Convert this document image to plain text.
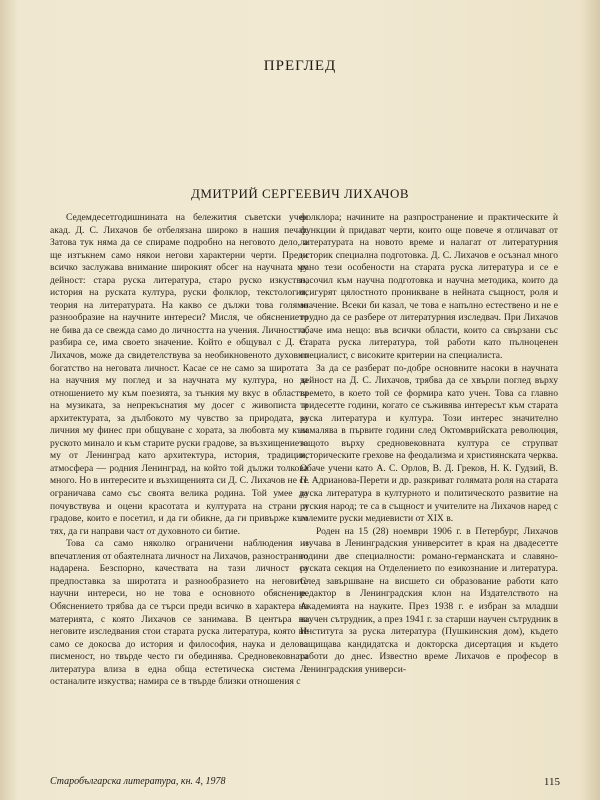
ПРЕГЛЕД
ДМИТРИЙ СЕРГЕЕВИЧ ЛИХАЧОВ

Седемдесетгодишнината на бележития съветски учен акад. Д. С. Лихачов бе отбелязана широко в нашия печат. Затова тук няма да се спираме подробно на неговото дело, а ще изтъкнем само някои негови характерни черти. Преди всичко заслужава внимание широкият обсег на научната му дейност: стара руска литература, старо руско изкуство, история на руската култура, руски фолклор, текстология, теория на литературата. На какво се дължи това голямо разнообразие на научните интереси? Мисля, че обяснението не бива да се свежда само до личността на учения. Личността, разбира се, има своето значение. Който е общувал с Д. С. Лихачов, може да свидетелствува за необикновеното духовно богатство на неговата личност. Касае се не само за широтата на научния му поглед и за научната му култура, но за отношението му към поезията, за тънкия му вкус в областта на музиката, за непрекъснатия му досег с живописта и архитектурата, за дълбокото му чувство за природата, за личния му финес при общуване с хората, за любовта му към руското минало и към старите руски градове, за възхищението му от Ленинград като архитектура, история, традиция, атмосфера — родния Ленинград, на който той дължи толкова много. Но в интересите и възхищенията си Д. С. Лихачов не се ограничава само със своята велика родина. Той умее да почувствува и оцени красотата и културата на страни и градове, които е посетил, и да ги обикне, да ги привърже към тях, да ги направи част от духовното си битие.

Това са само няколко ограничени наблюдения и впечатления от обаятелната личност на Лихачов, разностранно надарена. Безспорно, качествата на тази личност са предпоставка за широтата и разнообразието на неговите научни интереси, но не това е основното обяснение. Обяснението трябва да се търси преди всичко в характера на материята, с която Лихачов се занимава. В центъра на неговите изследвания стои старата руска литература, която не само се докосва до история и философия, наука и делова писменост, но твърде често ги обединява. Средновековната литература влиза в една обща естетическа система с останалите изкуства; намира се в твърде близки отношения с

фолклора; начините на разпространение и практическите ѝ функции ѝ придават черти, които още повече я отличават от литературата на новото време и налагат от литературния историк специална подготовка. Д. С. Лихачов е осъзнал много рано тези особености на старата руска литература и се е насочил към научна подготовка и научна методика, които да осигурят цялостното проникване в нейната същност, роля и значение. Всеки би казал, че това е напълно естествено и не е трудно да се разбере от литературния изследвач. При Лихачов обаче има нещо: във всички области, които са свързани със старата руска литература, той работи като пълноценен специалист, с високите критерии на специалиста.

За да се разберат по-добре основните насоки в научната дейност на Д. С. Лихачов, трябва да се хвърли поглед върху времето, в което той се формира като учен. Това са главно тридесетте години, когато се съживява интересът към старата руска литература и култура. Този интерес значително намалява в първите години след Октомврийската революция, защото върху средновековната култура се струпват историческите грехове на феодализма и християнската черква. Обаче учени като А. С. Орлов, В. Д. Греков, Н. К. Гудзий, В. П. Адрианова-Перети и др. разкриват голямата роля на старата руска литература в културното и политическото развитие на руския народ; те са в същност и учителите на Лихачов наред с големите руски медиевисти от XIX в.

Роден на 15 (28) ноември 1906 г. в Петербург, Лихачов изучава в Ленинградския университет в края на двадесетте години две специалности: романо-германската и славяно-руската секция на Отделението по езикознание и литература. След завършване на висшето си образование работи като редактор в Ленинградския клон на Издателството на Академията на науките. През 1938 г. е избран за младши научен сътрудник, а през 1941 г. за старши научен сътрудник в Института за руска литература (Пушкинския дом), където защищава кандидатска и докторска дисертация и където работи до днес. Известно време Лихачов е професор в Ленинградския универси-

Старобългарска литература, кн. 4, 1978	115
